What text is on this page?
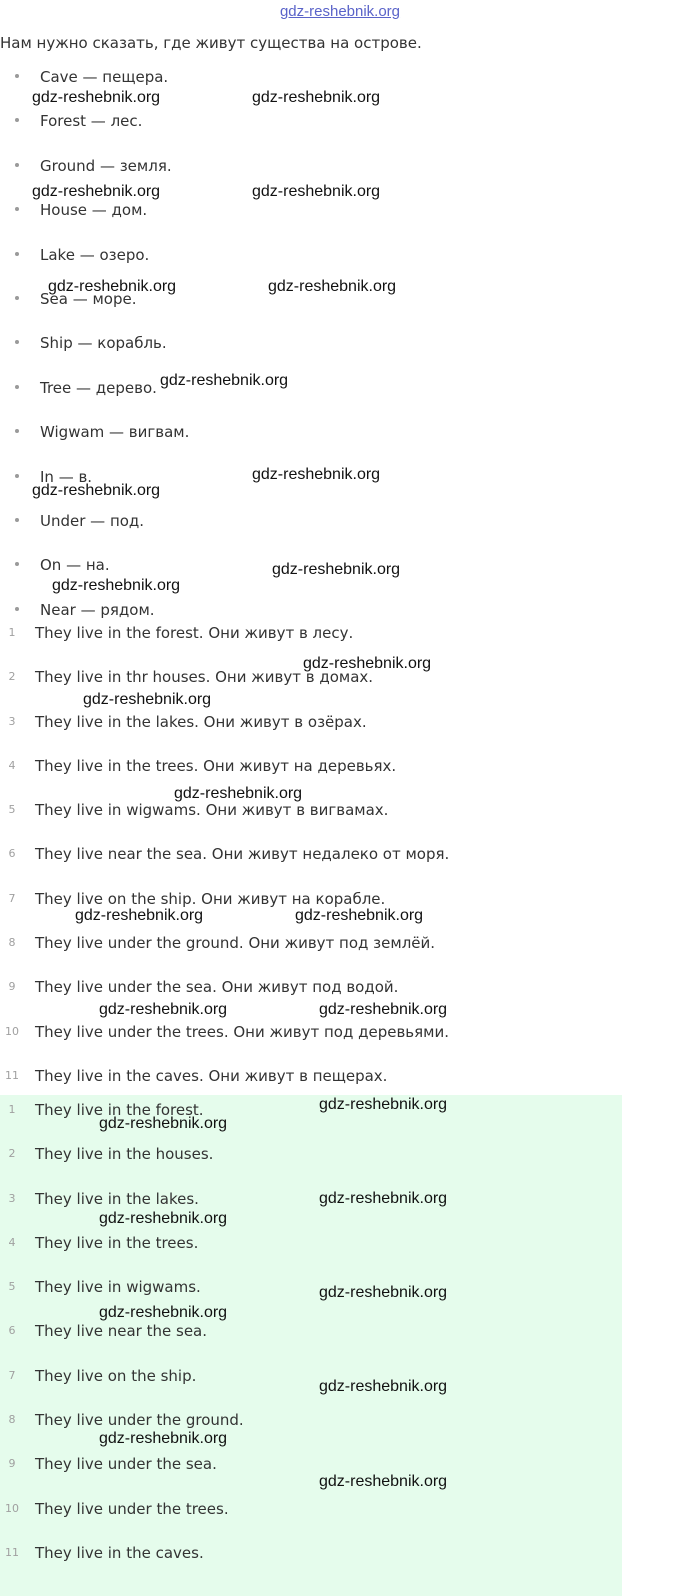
gdz-reshebnik.org
Нам нужно сказать, где живут существа на острове.
Cave — пещера.
Forest — лес.
Ground — земля.
House — дом.
Lake — озеро.
Sea — море.
Ship — корабль.
Tree — дерево.
Wigwam — вигвам.
In — в.
Under — под.
On — на.
Near — рядом.
1	They live in the forest. Они живут в лесу.
2	They live in thr houses. Они живут в домах.
3	They live in the lakes. Они живут в озёрах.
4	They live in the trees. Они живут на деревьях.
5	They live in wigwams. Они живут в вигвамах.
6	They live near the sea. Они живут недалеко от моря.
7	They live on the ship. Они живут на корабле.
8	They live under the ground. Они живут под землёй.
9	They live under the sea. Они живут под водой.
10	They live under the trees. Они живут под деревьями.
11	They live in the caves. Они живут в пещерах.
1	They live in the forest.
2	They live in the houses.
3	They live in the lakes.
4	They live in the trees.
5	They live in wigwams.
6	They live near the sea.
7	They live on the ship.
8	They live under the ground.
9	They live under the sea.
10	They live under the trees.
11	They live in the caves.
gdz-reshebnik.org	gdz-reshebnik.org
gdz-reshebnik.org	gdz-reshebnik.org
gdz-reshebnik.org	gdz-reshebnik.org
gdz-reshebnik.org
gdz-reshebnik.org
gdz-reshebnik.org
gdz-reshebnik.org
gdz-reshebnik.org
gdz-reshebnik.org
gdz-reshebnik.org
gdz-reshebnik.org
gdz-reshebnik.org	gdz-reshebnik.org
gdz-reshebnik.org	gdz-reshebnik.org
gdz-reshebnik.org
gdz-reshebnik.org
gdz-reshebnik.org
gdz-reshebnik.org
gdz-reshebnik.org
gdz-reshebnik.org
gdz-reshebnik.org
gdz-reshebnik.org
gdz-reshebnik.org
